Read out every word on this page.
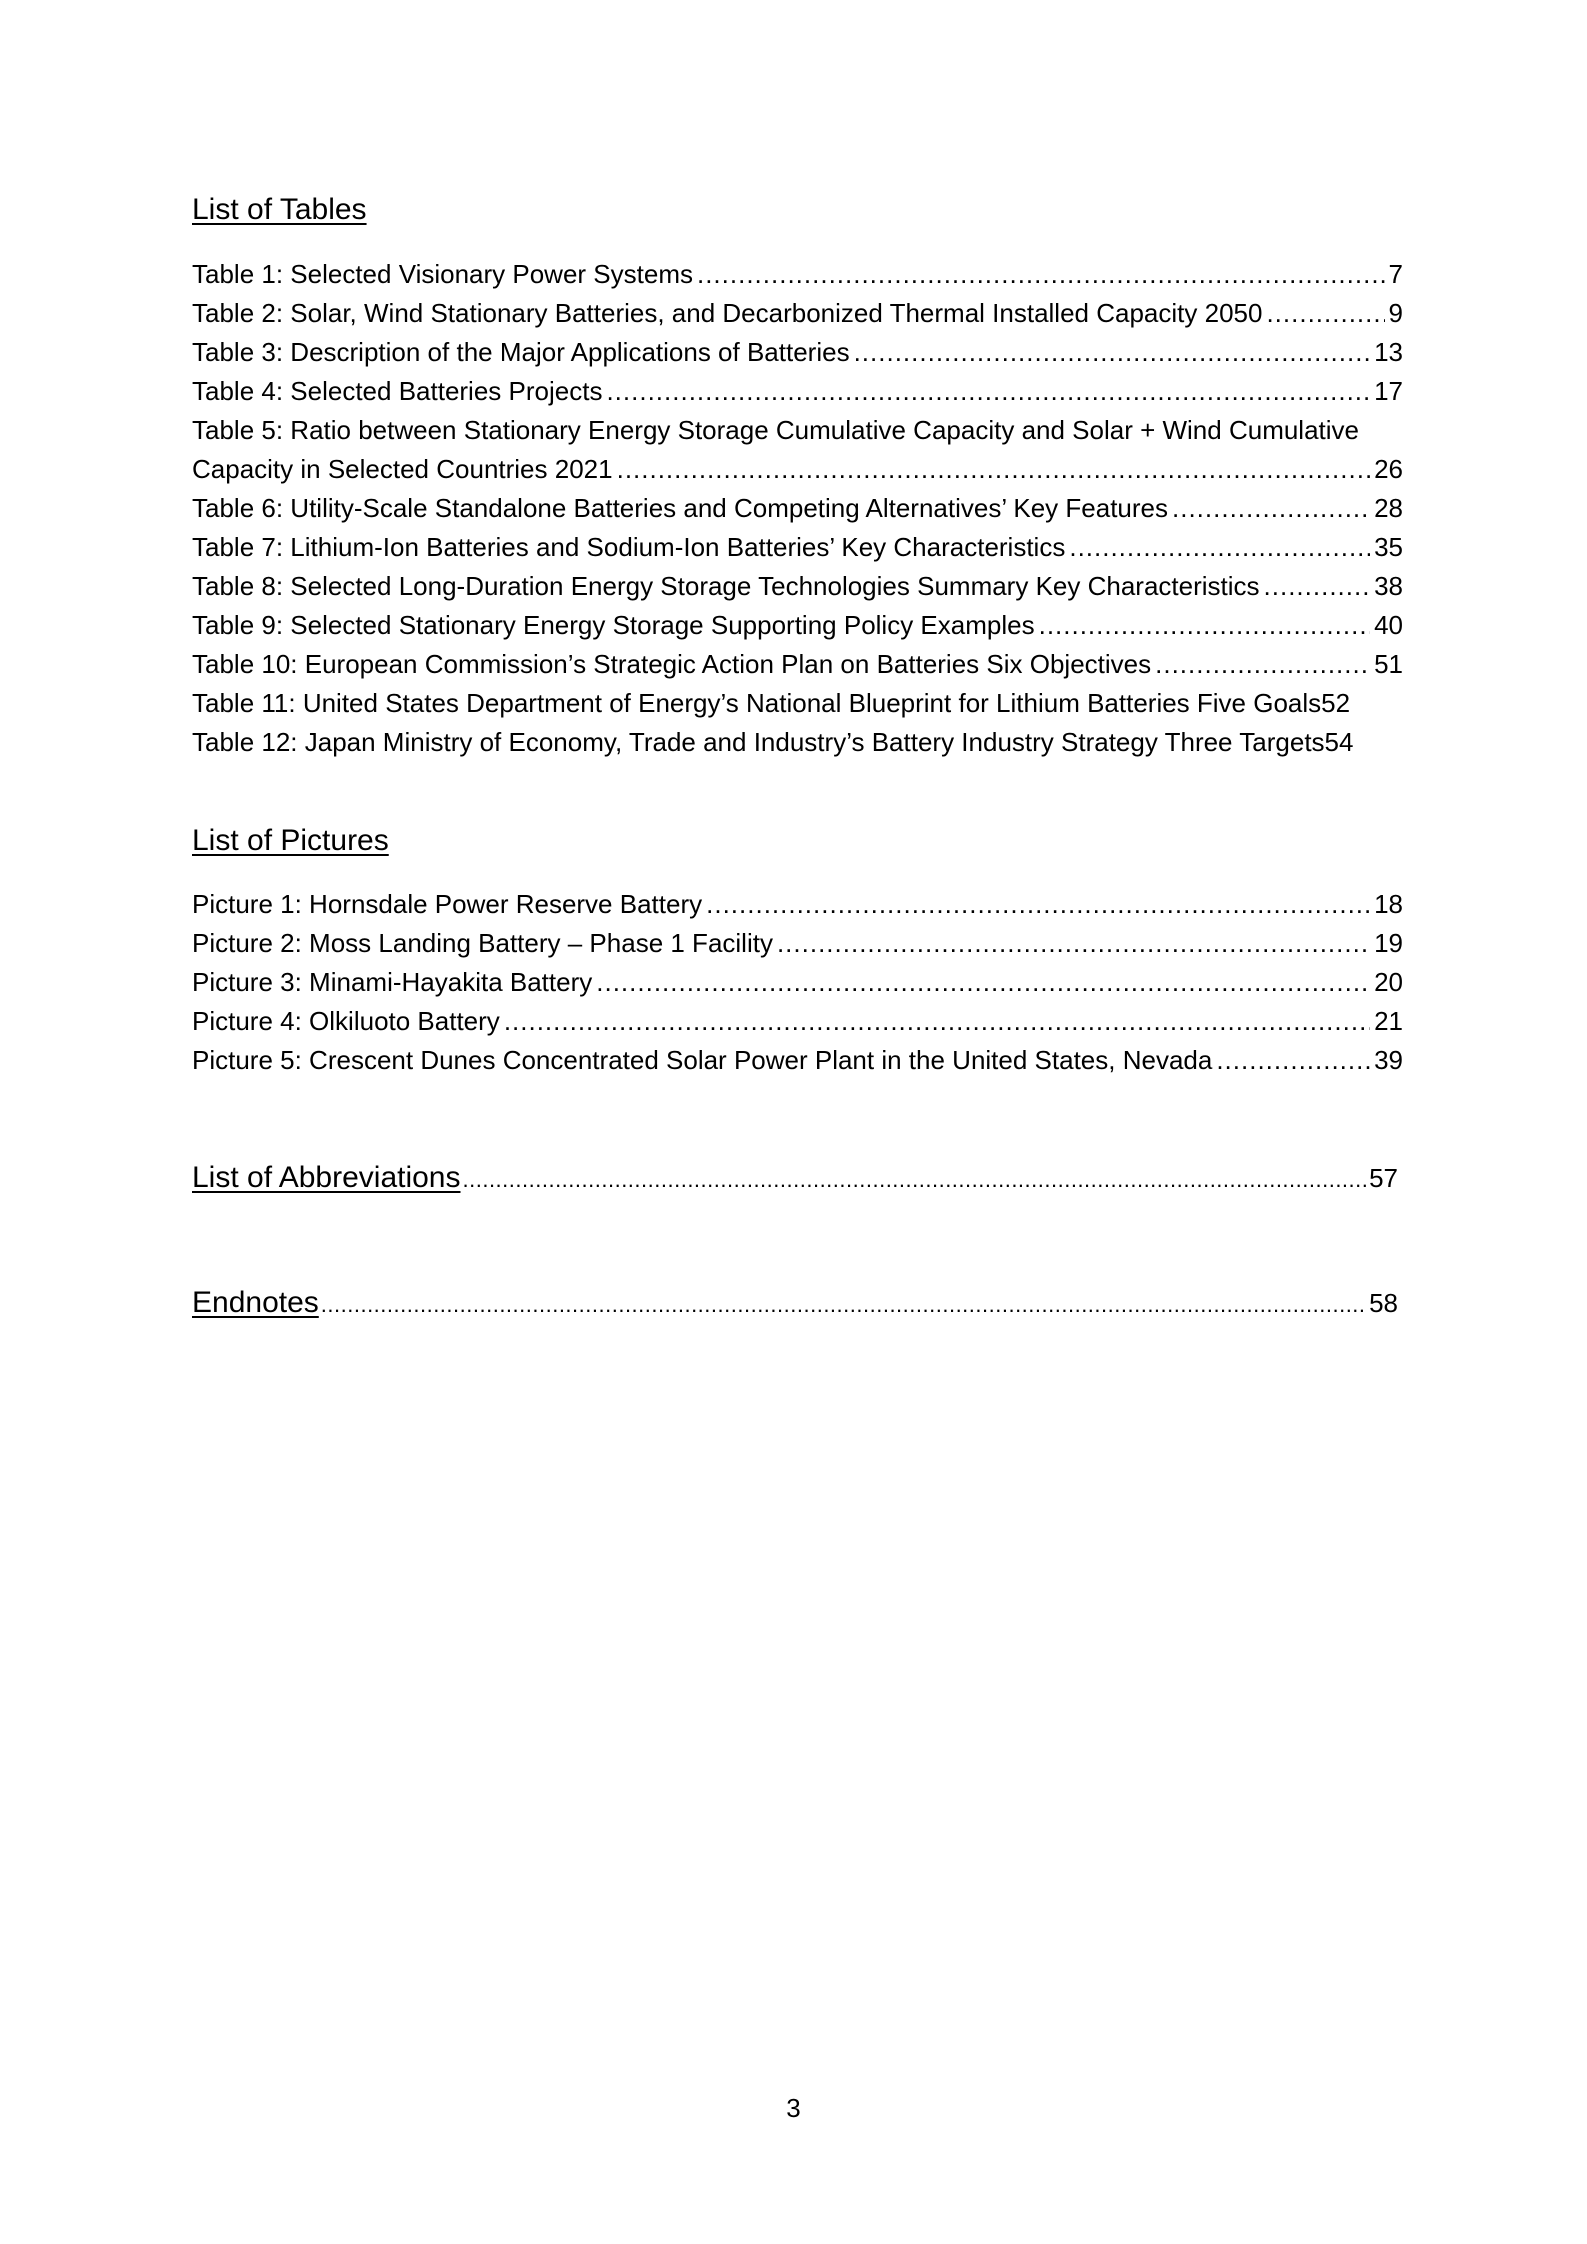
List of Tables
Table 1: Selected Visionary Power Systems .....	7
Table 2: Solar, Wind Stationary Batteries, and Decarbonized Thermal Installed Capacity 2050 .....	9
Table 3: Description of the Major Applications of Batteries .....	13
Table 4: Selected Batteries Projects .....	17
Table 5: Ratio between Stationary Energy Storage Cumulative Capacity and Solar + Wind Cumulative
Capacity in Selected Countries 2021 .....	26
Table 6: Utility-Scale Standalone Batteries and Competing Alternatives’ Key Features .....	28
Table 7: Lithium-Ion Batteries and Sodium-Ion Batteries’ Key Characteristics .....	35
Table 8: Selected Long-Duration Energy Storage Technologies Summary Key Characteristics .....	38
Table 9: Selected Stationary Energy Storage Supporting Policy Examples .....	40
Table 10: European Commission’s Strategic Action Plan on Batteries Six Objectives .....	51
Table 11: United States Department of Energy’s National Blueprint for Lithium Batteries Five Goals 52
Table 12: Japan Ministry of Economy, Trade and Industry’s Battery Industry Strategy Three Targets 54
List of Pictures
Picture 1: Hornsdale Power Reserve Battery .....	18
Picture 2: Moss Landing Battery – Phase 1 Facility .....	19
Picture 3: Minami-Hayakita Battery .....	20
Picture 4: Olkiluoto Battery .....	21
Picture 5: Crescent Dunes Concentrated Solar Power Plant in the United States, Nevada .....	39
List of Abbreviations .....	57
Endnotes .....	58
3
